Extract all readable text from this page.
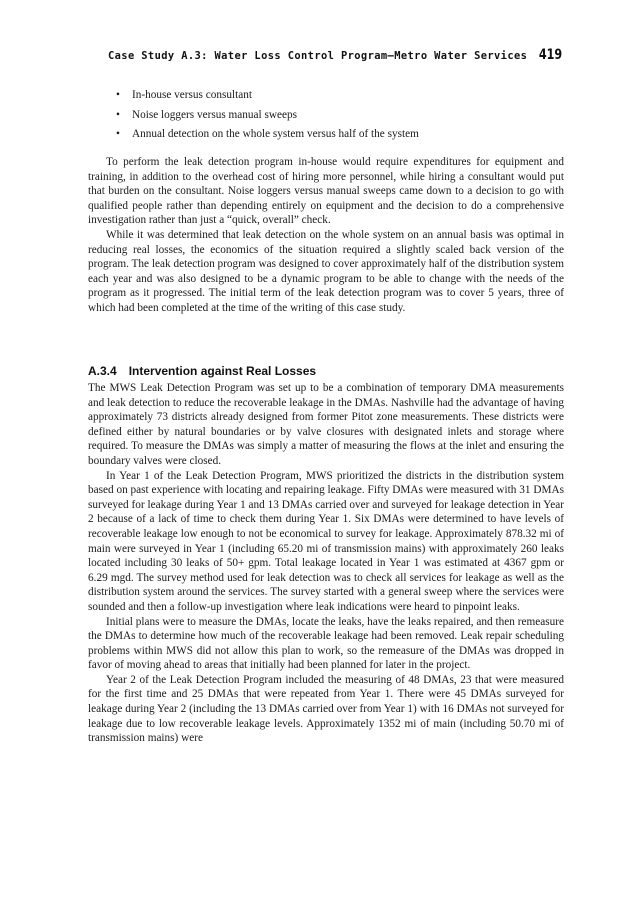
Case Study A.3: Water Loss Control Program—Metro Water Services 419
• In-house versus consultant
• Noise loggers versus manual sweeps
• Annual detection on the whole system versus half of the system

To perform the leak detection program in-house would require expenditures for equipment and training, in addition to the overhead cost of hiring more personnel, while hiring a consultant would put that burden on the consultant. Noise loggers versus manual sweeps came down to a decision to go with qualified people rather than depending entirely on equipment and the decision to do a comprehensive investigation rather than just a “quick, overall” check.

While it was determined that leak detection on the whole system on an annual basis was optimal in reducing real losses, the economics of the situation required a slightly scaled back version of the program. The leak detection program was designed to cover approximately half of the distribution system each year and was also designed to be a dynamic program to be able to change with the needs of the program as it progressed. The initial term of the leak detection program was to cover 5 years, three of which had been completed at the time of the writing of this case study.

A.3.4 Intervention against Real Losses

The MWS Leak Detection Program was set up to be a combination of temporary DMA measurements and leak detection to reduce the recoverable leakage in the DMAs. Nashville had the advantage of having approximately 73 districts already designed from former Pitot zone measurements. These districts were defined either by natural boundaries or by valve closures with designated inlets and storage where required. To measure the DMAs was simply a matter of measuring the flows at the inlet and ensuring the boundary valves were closed.

In Year 1 of the Leak Detection Program, MWS prioritized the districts in the distribution system based on past experience with locating and repairing leakage. Fifty DMAs were measured with 31 DMAs surveyed for leakage during Year 1 and 13 DMAs carried over and surveyed for leakage detection in Year 2 because of a lack of time to check them during Year 1. Six DMAs were determined to have levels of recoverable leakage low enough to not be economical to survey for leakage. Approximately 878.32 mi of main were surveyed in Year 1 (including 65.20 mi of transmission mains) with approximately 260 leaks located including 30 leaks of 50+ gpm. Total leakage located in Year 1 was estimated at 4367 gpm or 6.29 mgd. The survey method used for leak detection was to check all services for leakage as well as the distribution system around the services. The survey started with a general sweep where the services were sounded and then a follow-up investigation where leak indications were heard to pinpoint leaks.

Initial plans were to measure the DMAs, locate the leaks, have the leaks repaired, and then remeasure the DMAs to determine how much of the recoverable leakage had been removed. Leak repair scheduling problems within MWS did not allow this plan to work, so the remeasure of the DMAs was dropped in favor of moving ahead to areas that initially had been planned for later in the project.

Year 2 of the Leak Detection Program included the measuring of 48 DMAs, 23 that were measured for the first time and 25 DMAs that were repeated from Year 1. There were 45 DMAs surveyed for leakage during Year 2 (including the 13 DMAs carried over from Year 1) with 16 DMAs not surveyed for leakage due to low recoverable leakage levels. Approximately 1352 mi of main (including 50.70 mi of transmission mains) were
